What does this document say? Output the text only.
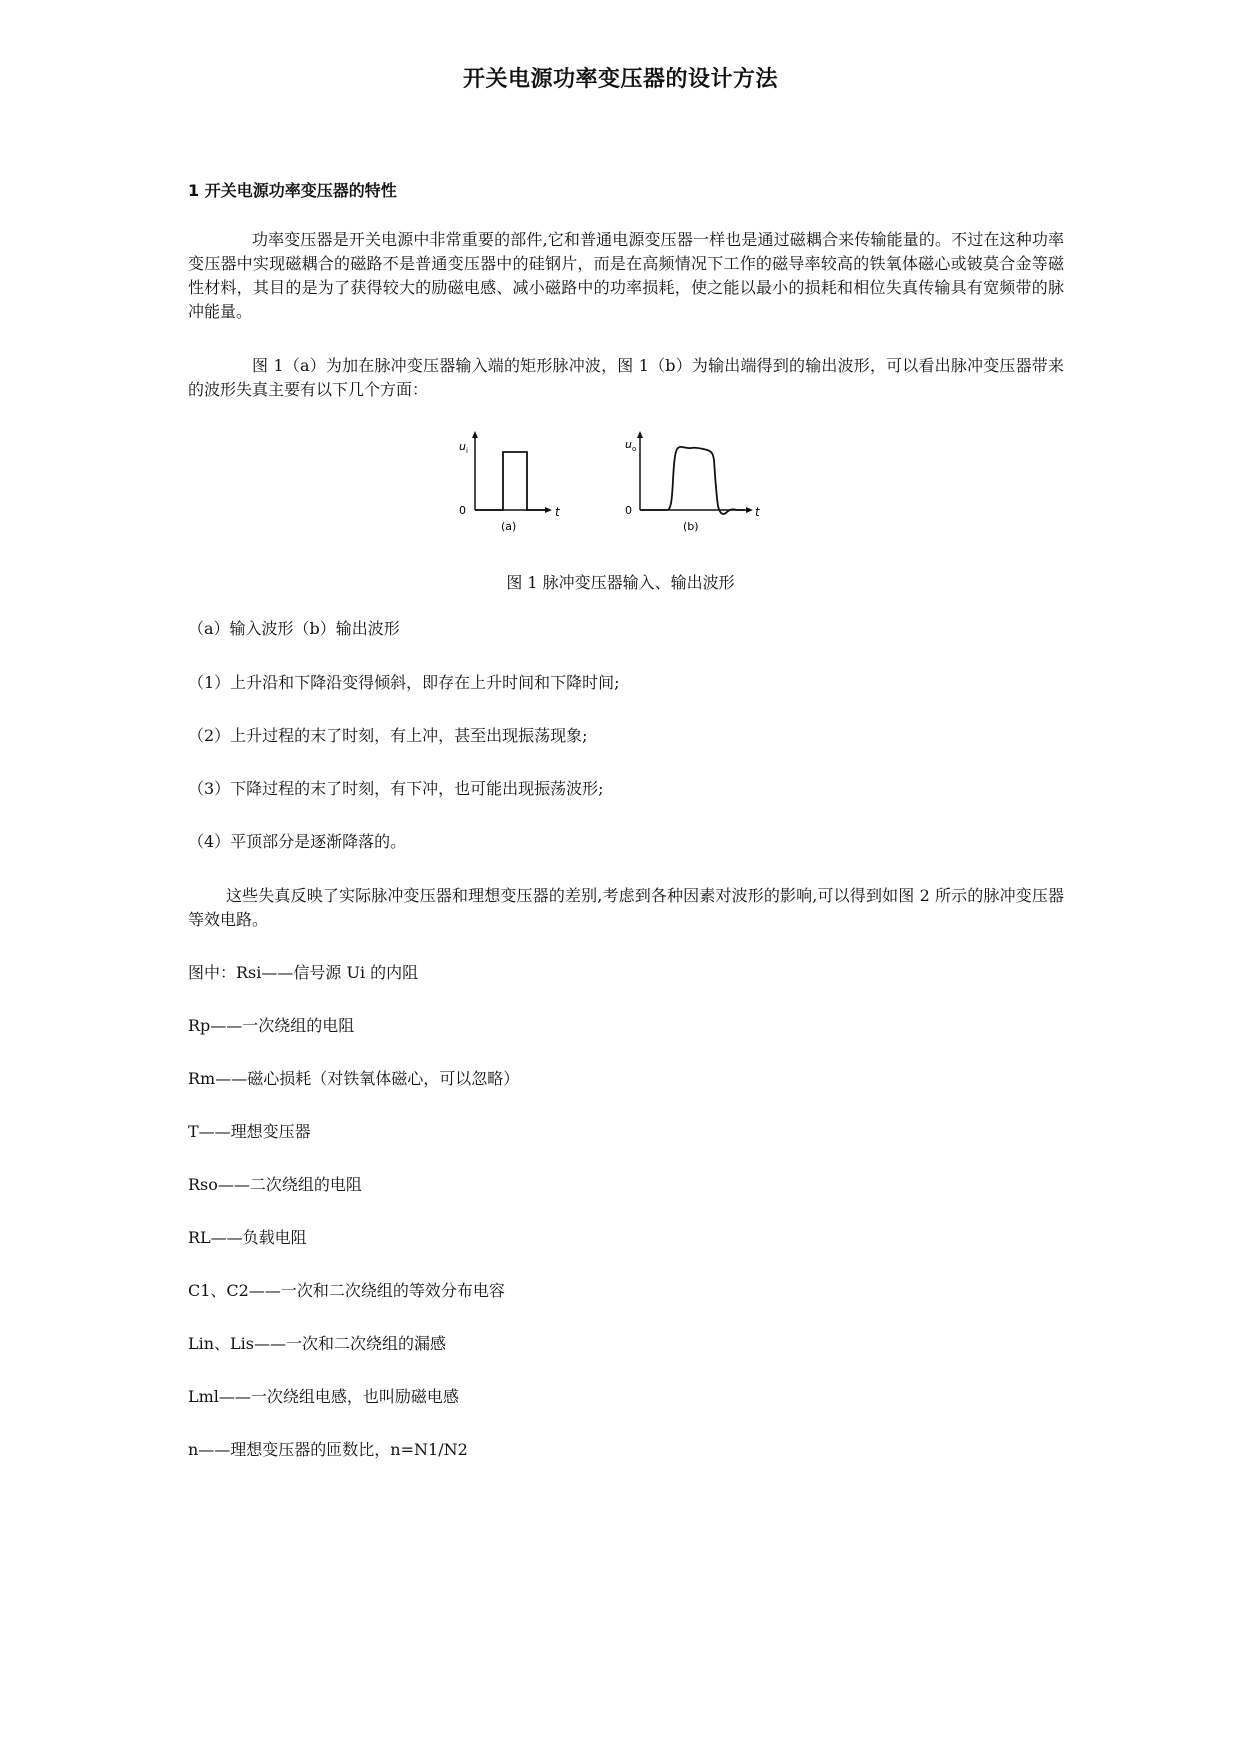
开关电源功率变压器的设计方法
1 开关电源功率变压器的特性
功率变压器是开关电源中非常重要的部件,它和普通电源变压器一样也是通过磁耦合来传输能量的。不过在这种功率变压器中实现磁耦合的磁路不是普通变压器中的硅钢片，而是在高频情况下工作的磁导率较高的铁氧体磁心或铍莫合金等磁性材料，其目的是为了获得较大的励磁电感、减小磁路中的功率损耗，使之能以最小的损耗和相位失真传输具有宽频带的脉冲能量。
图 1（a）为加在脉冲变压器输入端的矩形脉冲波，图 1（b）为输出端得到的输出波形，可以看出脉冲变压器带来的波形失真主要有以下几个方面：
u i
0	t
(a)
u o
0	t
(b)
图 1 脉冲变压器输入、输出波形
（a）输入波形（b）输出波形
（1）上升沿和下降沿变得倾斜，即存在上升时间和下降时间;
（2）上升过程的末了时刻，有上冲，甚至出现振荡现象;
（3）下降过程的末了时刻，有下冲，也可能出现振荡波形;
（4）平顶部分是逐渐降落的。
这些失真反映了实际脉冲变压器和理想变压器的差别,考虑到各种因素对波形的影响,可以得到如图 2 所示的脉冲变压器等效电路。
图中：Rsi——信号源 Ui 的内阻
Rp——一次绕组的电阻
Rm——磁心损耗（对铁氧体磁心，可以忽略）
T——理想变压器
Rso——二次绕组的电阻
RL——负载电阻
C1、C2——一次和二次绕组的等效分布电容
Lin、Lis——一次和二次绕组的漏感
Lml——一次绕组电感，也叫励磁电感
n——理想变压器的匝数比，n=N1/N2
